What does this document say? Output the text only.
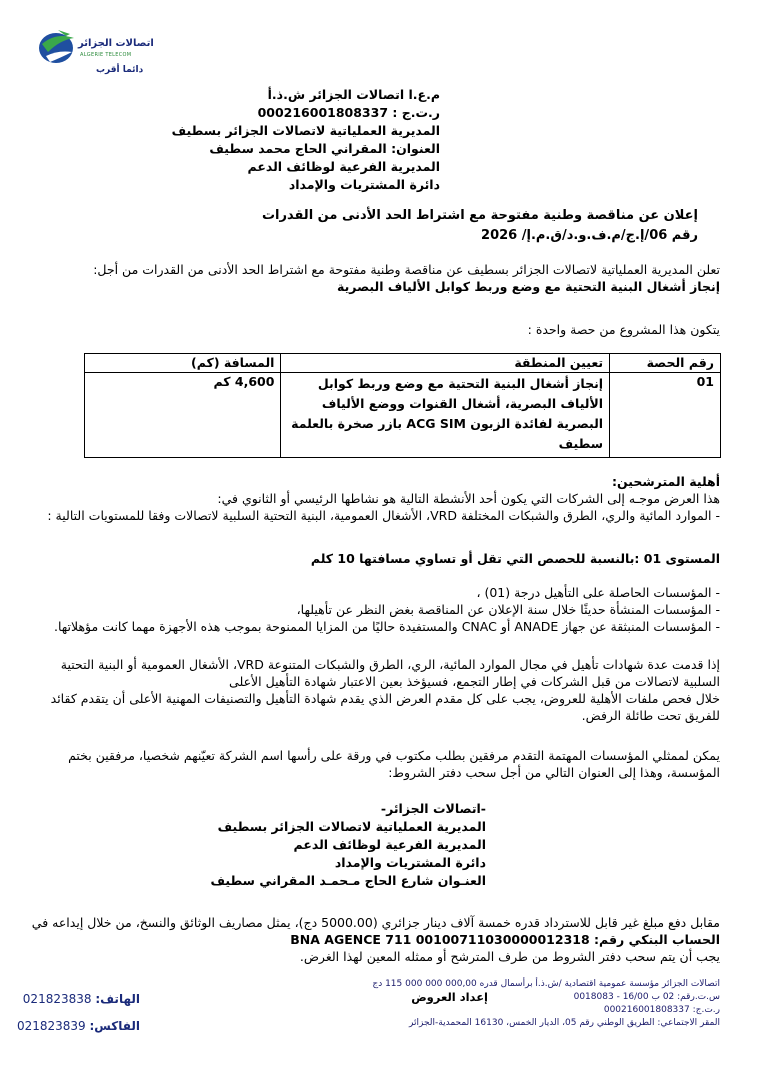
اتصالات الجزائر
ALGERIE TELECOM
دائما أقرب
م.ع.ا اتصالات الجزائر ش.ذ.أ
ر.ت.ج : 000216001808337
المديرية العملياتية لاتصالات الجزائر بسطيف
العنوان: المقراني الحاج محمد سطيف
المديرية الفرعية لوظائف الدعم
دائرة المشتريات والإمداد
إعلان عن مناقصة وطنية مفتوحة مع اشتراط الحد الأدنى من القدرات
رقم 06/إ.ج/م.ف.و.د/ق.م.إ/ 2026
تعلن المديرية العملياتية لاتصالات الجزائر بسطيف عن مناقصة وطنية مفتوحة مع اشتراط الحد الأدنى من القدرات من أجل:
إنجاز أشغال البنية التحتية مع وضع وربط كوابل الألياف البصرية
يتكون هذا المشروع من حصة واحدة :
رقم الحصة	تعيين المنطقة	المسافة (كم)
01	إنجاز أشغال البنية التحتية مع وضع وربط كوابل الألياف البصرية، أشغال القنوات ووضع الألياف البصرية لفائدة الزبون ACG SIM بازر صخرة بالعلمة سطيف	4,600 كم
أهلية المترشحين:
هذا العرض موجـه إلى الشركات التي يكون أحد الأنشطة التالية هو نشاطها الرئيسي أو الثانوي في:
- الموارد المائية والري، الطرق والشبكات المختلفة VRD، الأشغال العمومية، البنية التحتية السلبية لاتصالات وفقا للمستويات التالية :
المستوى 01 :بالنسبة للحصص التي تقل أو تساوي مسافتها 10 كلم
- المؤسسات الحاصلة على التأهيل درجة (01) ،
- المؤسسات المنشأة حديثًا خلال سنة الإعلان عن المناقصة بغض النظر عن تأهيلها،
- المؤسسات المنبثقة عن جهاز ANADE أو CNAC والمستفيدة حاليًا من المزايا الممنوحة بموجب هذه الأجهزة مهما كانت مؤهلاتها.
إذا قدمت عدة شهادات تأهيل في مجال الموارد المائية، الري، الطرق والشبكات المتنوعة VRD، الأشغال العمومية أو البنية التحتية السلبية لاتصالات من قبل الشركات في إطار التجمع، فسيؤخذ بعين الاعتبار شهادة التأهيل الأعلى
خلال فحص ملفات الأهلية للعروض، يجب على كل مقدم العرض الذي يقدم شهادة التأهيل والتصنيفات المهنية الأعلى أن يتقدم كقائد للفريق تحت طائلة الرفض.
يمكن لممثلي المؤسسات المهتمة التقدم مرفقين بطلب مكتوب في ورقة على رأسها اسم الشركة تعيّنهم شخصيا، مرفقين بختم المؤسسة، وهذا إلى العنوان التالي من أجل سحب دفتر الشروط:
-اتصالات الجزائر-
المديرية العملياتية لاتصالات الجزائر بسطيف
المديرية الفرعية لوظائف الدعم
دائرة المشتريات والإمداد
العنـوان شارع الحاج مـحمـد المقراني سطيف
مقابل دفع مبلغ غير قابل للاسترداد قدره خمسة آلاف دينار جزائري (5000.00 دج)، يمثل مصاريف الوثائق والنسخ، من خلال إيداعه في
الحساب البنكي رقم: BNA AGENCE 711 00100711030000012318
يجب أن يتم سحب دفتر الشروط من طرف المترشح أو ممثله المعين لهذا الغرض.
اتصالات الجزائر مؤسسة عمومية اقتصادية /ش.ذ.أ برأسمال قدره 000,00 000 000 115 دج
س.ت.رقم: 02 ب 16/00 - 0018083
ر.ت.ج: 000216001808337
المقر الاجتماعي: الطريق الوطني رقم 05، الديار الخمس، 16130 المحمدية-الجزائر
إعداد العروض
الهاتف: 021823838
الفاكس: 021823839
